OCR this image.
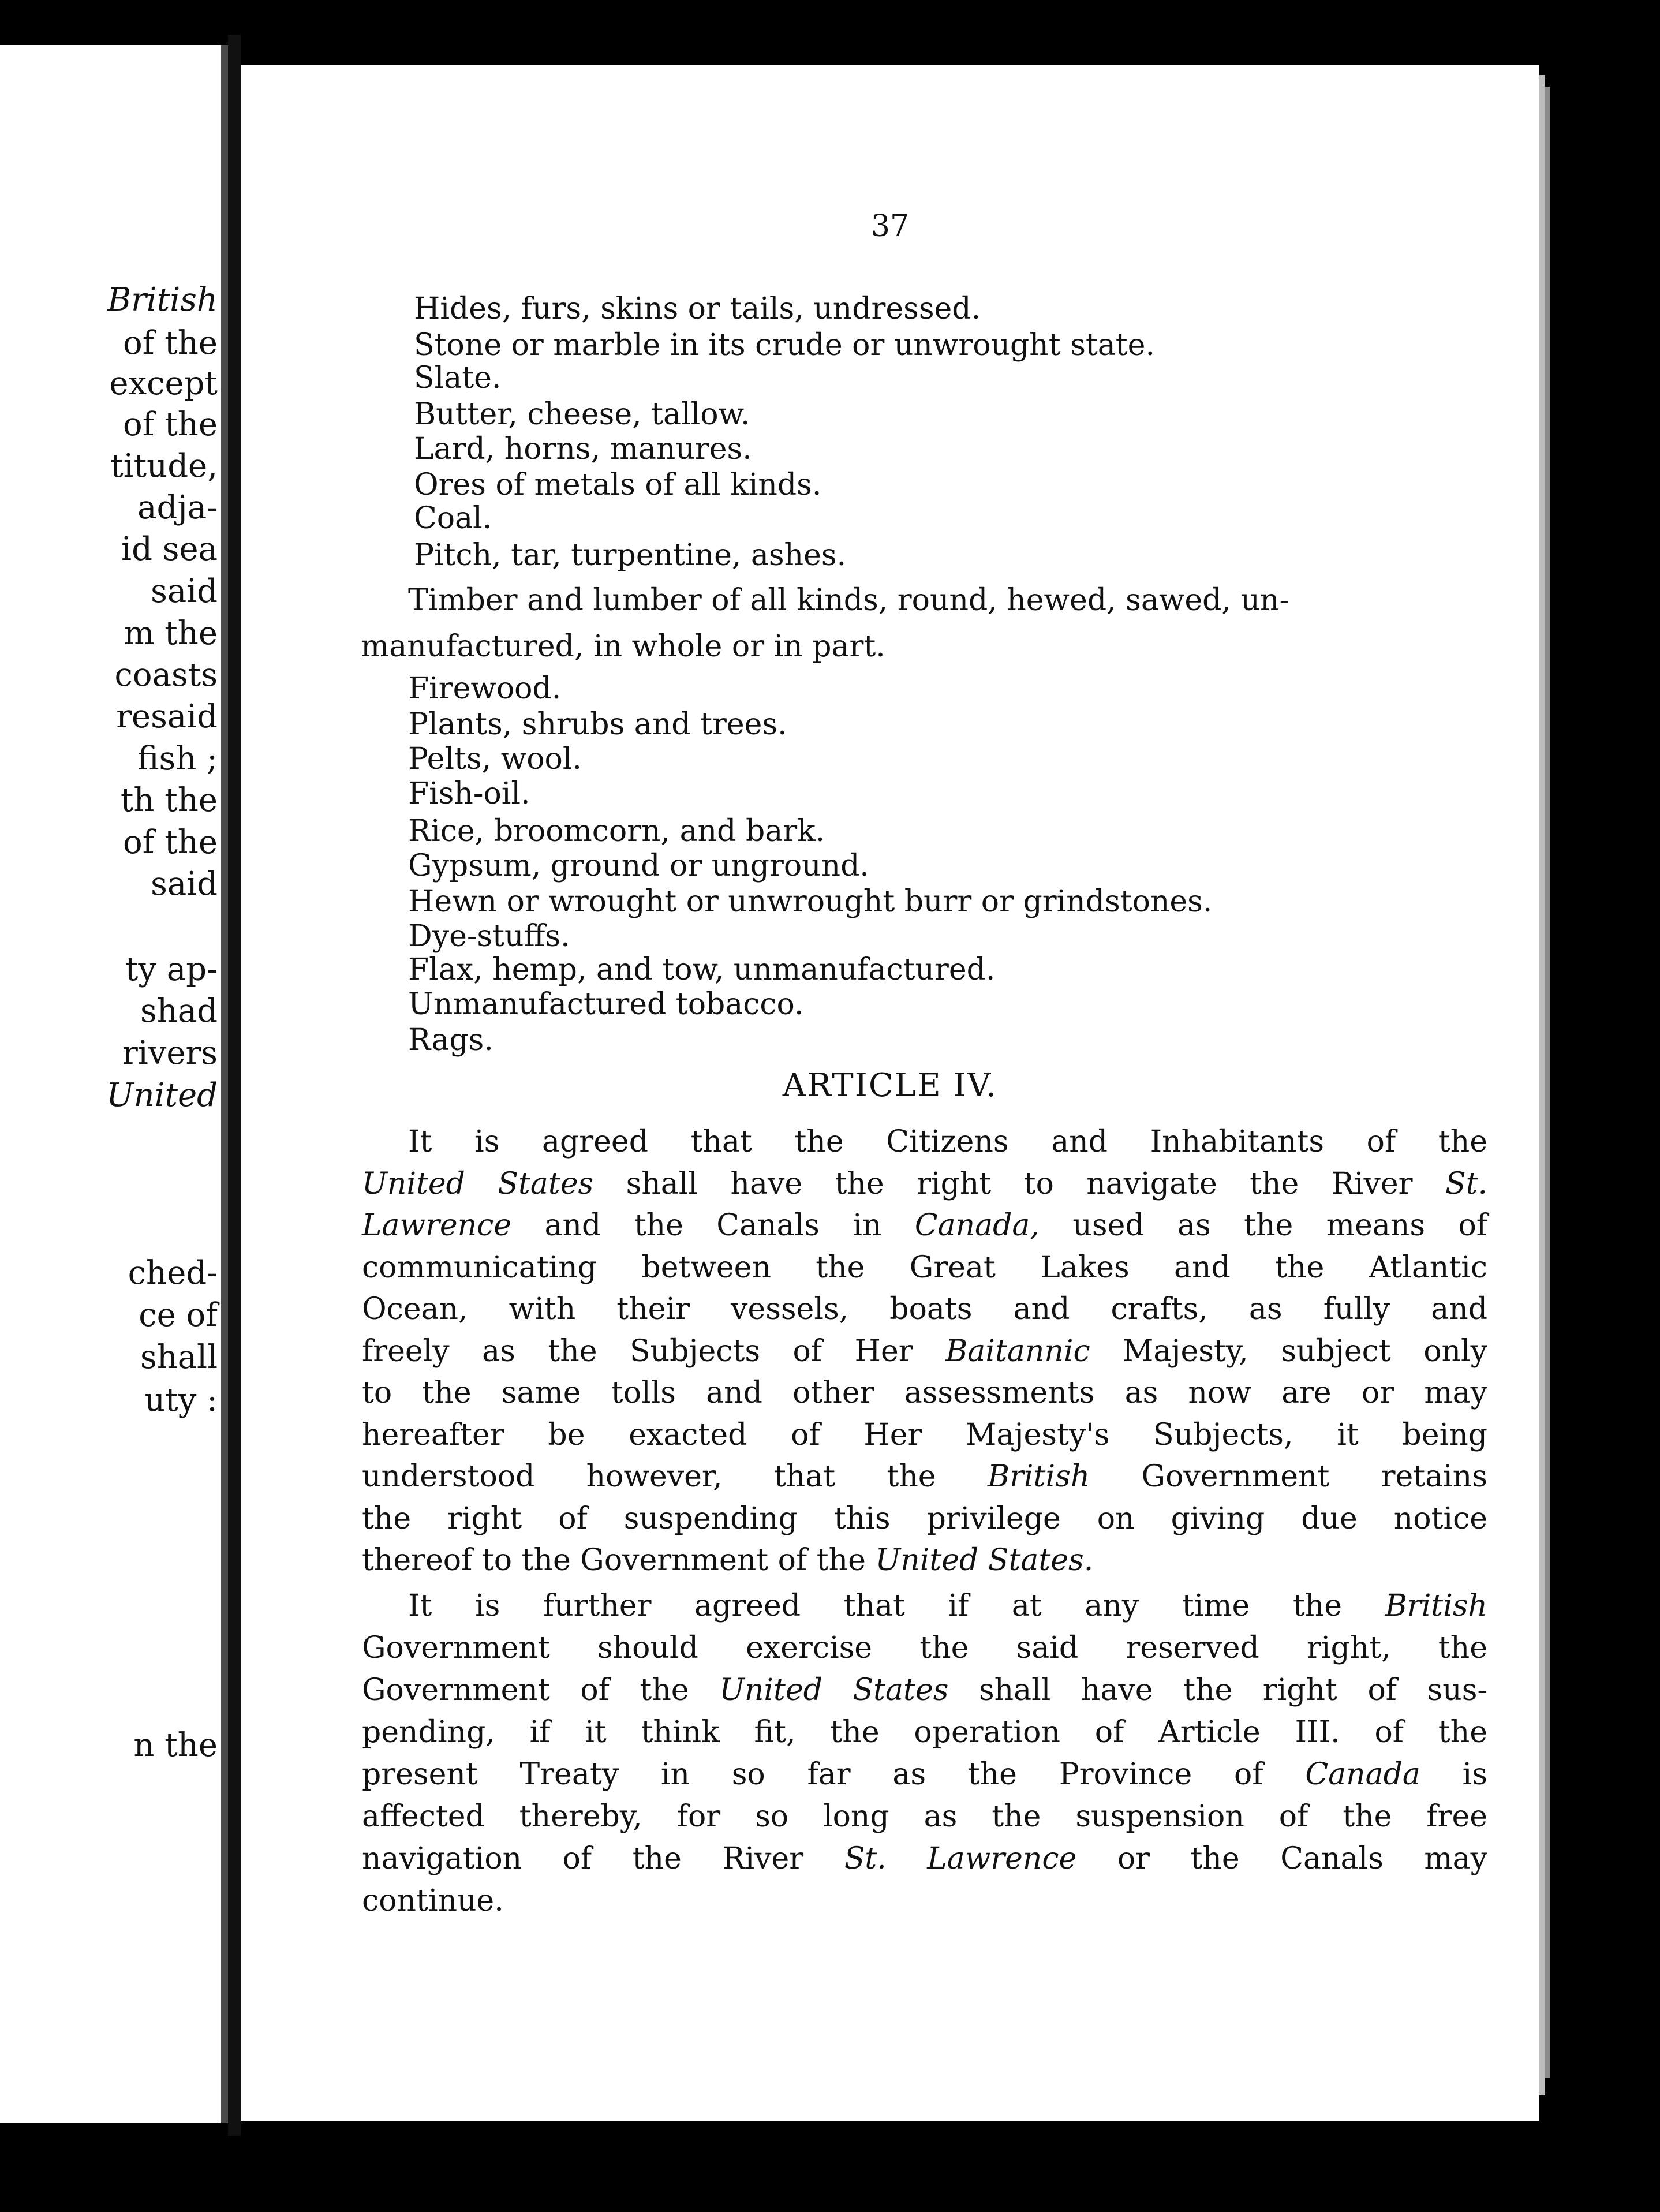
British
of the
except
of the
titude,
adja-
id sea
said
m the
coasts
resaid
fish ;
th the
of the
said
ty ap-
shad
rivers
United
ched-
ce of
shall
uty :
n the
37
Hides, furs, skins or tails, undressed.
Stone or marble in its crude or unwrought state.
Slate.
Butter, cheese, tallow.
Lard, horns, manures.
Ores of metals of all kinds.
Coal.
Pitch, tar, turpentine, ashes.
Timber and lumber of all kinds, round, hewed, sawed, un-
manufactured, in whole or in part.
Firewood.
Plants, shrubs and trees.
Pelts, wool.
Fish-oil.
Rice, broomcorn, and bark.
Gypsum, ground or unground.
Hewn or wrought or unwrought burr or grindstones.
Dye-stuffs.
Flax, hemp, and tow, unmanufactured.
Unmanufactured tobacco.
Rags.
ARTICLE IV.
It is agreed that the Citizens and Inhabitants of the
United States shall have the right to navigate the River St.
Lawrence and the Canals in Canada, used as the means of
communicating between the Great Lakes and the Atlantic
Ocean, with their vessels, boats and crafts, as fully and
freely as the Subjects of Her Baitannic Majesty, subject only
to the same tolls and other assessments as now are or may
hereafter be exacted of Her Majesty's Subjects, it being
understood however, that the British Government retains
the right of suspending this privilege on giving due notice
thereof to the Government of the United States.
It is further agreed that if at any time the British
Government should exercise the said reserved right, the
Government of the United States shall have the right of sus-
pending, if it think fit, the operation of Article III. of the
present Treaty in so far as the Province of Canada is
affected thereby, for so long as the suspension of the free
navigation of the River St. Lawrence or the Canals may
continue.
